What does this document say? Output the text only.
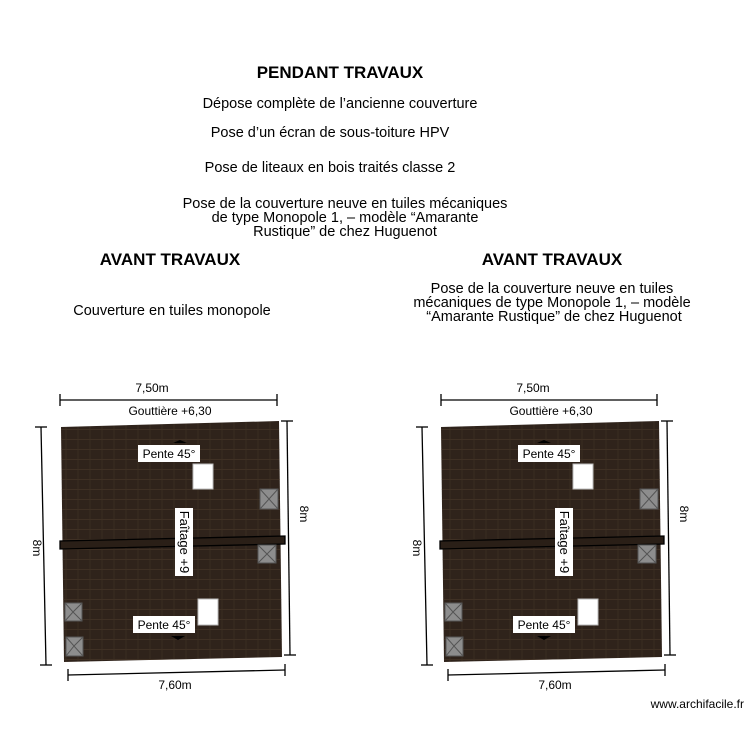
PENDANT TRAVAUX
Dépose complète de l’ancienne couverture
Pose d’un écran de sous-toiture HPV
Pose de liteaux en bois traités classe 2
Pose de la couverture neuve en tuiles mécaniques
de type Monopole 1, – modèle “Amarante
Rustique” de chez Huguenot
AVANT TRAVAUX
Couverture en tuiles monopole
AVANT TRAVAUX
Pose de la couverture neuve en tuiles
mécaniques de type Monopole 1, – modèle
“Amarante Rustique” de chez Huguenot
7,50m
Gouttière +6,30
8m
8m
Pente 45°
Pente 45°
Faîtage +9
7,60m
7,50m
Gouttière +6,30
8m
8m
Pente 45°
Pente 45°
Faîtage +9
7,60m
www.archifacile.fr
